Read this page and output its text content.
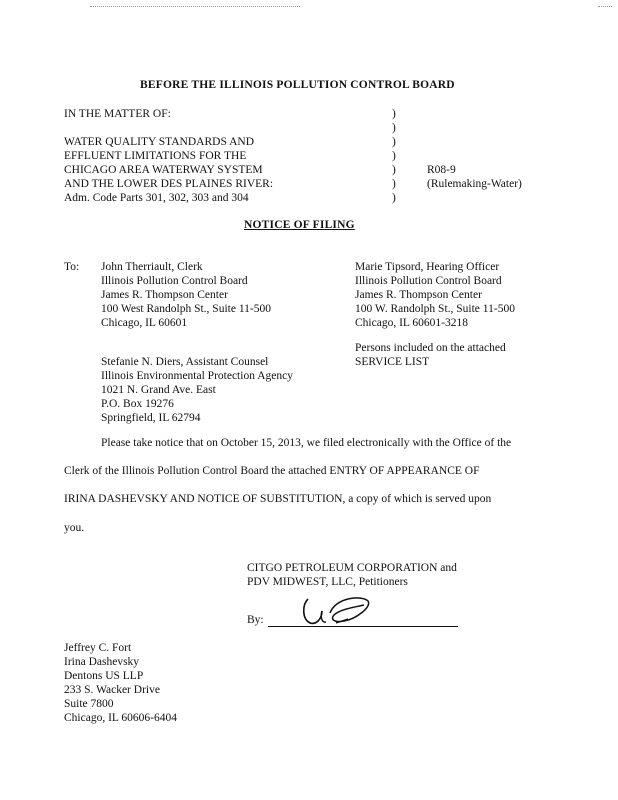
BEFORE THE ILLINOIS POLLUTION CONTROL BOARD
IN THE MATTER OF:
WATER QUALITY STANDARDS AND
EFFLUENT LIMITATIONS FOR THE
CHICAGO AREA WATERWAY SYSTEM
AND THE LOWER DES PLAINES RIVER:
Adm. Code Parts 301, 302, 303 and 304
)
)
)
)
)
)
)
R08-9
(Rulemaking-Water)
NOTICE OF FILING
To: John Therriault, Clerk
Illinois Pollution Control Board
James R. Thompson Center
100 West Randolph St., Suite 11-500
Chicago, IL 60601
Marie Tipsord, Hearing Officer
Illinois Pollution Control Board
James R. Thompson Center
100 W. Randolph St., Suite 11-500
Chicago, IL 60601-3218
Persons included on the attached
SERVICE LIST
Stefanie N. Diers, Assistant Counsel
Illinois Environmental Protection Agency
1021 N. Grand Ave. East
P.O. Box 19276
Springfield, IL 62794
Please take notice that on October 15, 2013, we filed electronically with the Office of the
Clerk of the Illinois Pollution Control Board the attached ENTRY OF APPEARANCE OF
IRINA DASHEVSKY AND NOTICE OF SUBSTITUTION, a copy of which is served upon
you.
CITGO PETROLEUM CORPORATION and
PDV MIDWEST, LLC, Petitioners
By:
Jeffrey C. Fort
Irina Dashevsky
Dentons US LLP
233 S. Wacker Drive
Suite 7800
Chicago, IL 60606-6404
